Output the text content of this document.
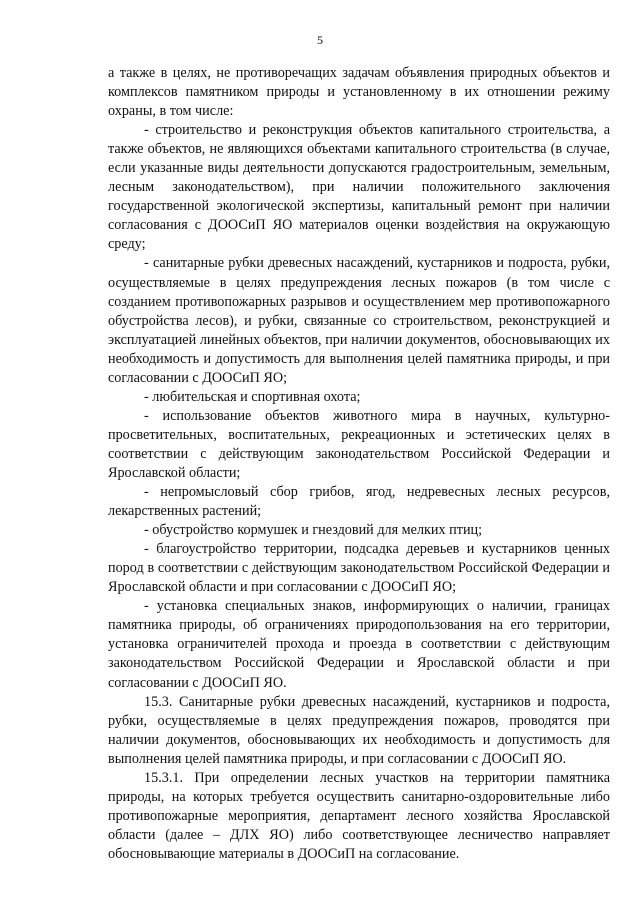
5

а также в целях, не противоречащих задачам объявления природных объектов и комплексов памятником природы и установленному в их отношении режиму охраны, в том числе:

- строительство и реконструкция объектов капитального строительства, а также объектов, не являющихся объектами капитального строительства (в случае, если указанные виды деятельности допускаются градостроительным, земельным, лесным законодательством), при наличии положительного заключения государственной экологической экспертизы, капитальный ремонт при наличии согласования с ДООСиП ЯО материалов оценки воздействия на окружающую среду;

- санитарные рубки древесных насаждений, кустарников и подроста, рубки, осуществляемые в целях предупреждения лесных пожаров (в том числе с созданием противопожарных разрывов и осуществлением мер противопожарного обустройства лесов), и рубки, связанные со строительством, реконструкцией и эксплуатацией линейных объектов, при наличии документов, обосновывающих их необходимость и допустимость для выполнения целей памятника природы, и при согласовании с ДООСиП ЯО;

- любительская и спортивная охота;

- использование объектов животного мира в научных, культурно-просветительных, воспитательных, рекреационных и эстетических целях в соответствии с действующим законодательством Российской Федерации и Ярославской области;

- непромысловый сбор грибов, ягод, недревесных лесных ресурсов, лекарственных растений;

- обустройство кормушек и гнездовий для мелких птиц;

- благоустройство территории, подсадка деревьев и кустарников ценных пород в соответствии с действующим законодательством Российской Федерации и Ярославской области и при согласовании с ДООСиП ЯО;

- установка специальных знаков, информирующих о наличии, границах памятника природы, об ограничениях природопользования на его территории, установка ограничителей прохода и проезда в соответствии с действующим законодательством Российской Федерации и Ярославской области и при согласовании с ДООСиП ЯО.

15.3. Санитарные рубки древесных насаждений, кустарников и подроста, рубки, осуществляемые в целях предупреждения пожаров, проводятся при наличии документов, обосновывающих их необходимость и допустимость для выполнения целей памятника природы, и при согласовании с ДООСиП ЯО.

15.3.1. При определении лесных участков на территории памятника природы, на которых требуется осуществить санитарно-оздоровительные либо противопожарные мероприятия, департамент лесного хозяйства Ярославской области (далее – ДЛХ ЯО) либо соответствующее лесничество направляет обосновывающие материалы в ДООСиП на согласование.
